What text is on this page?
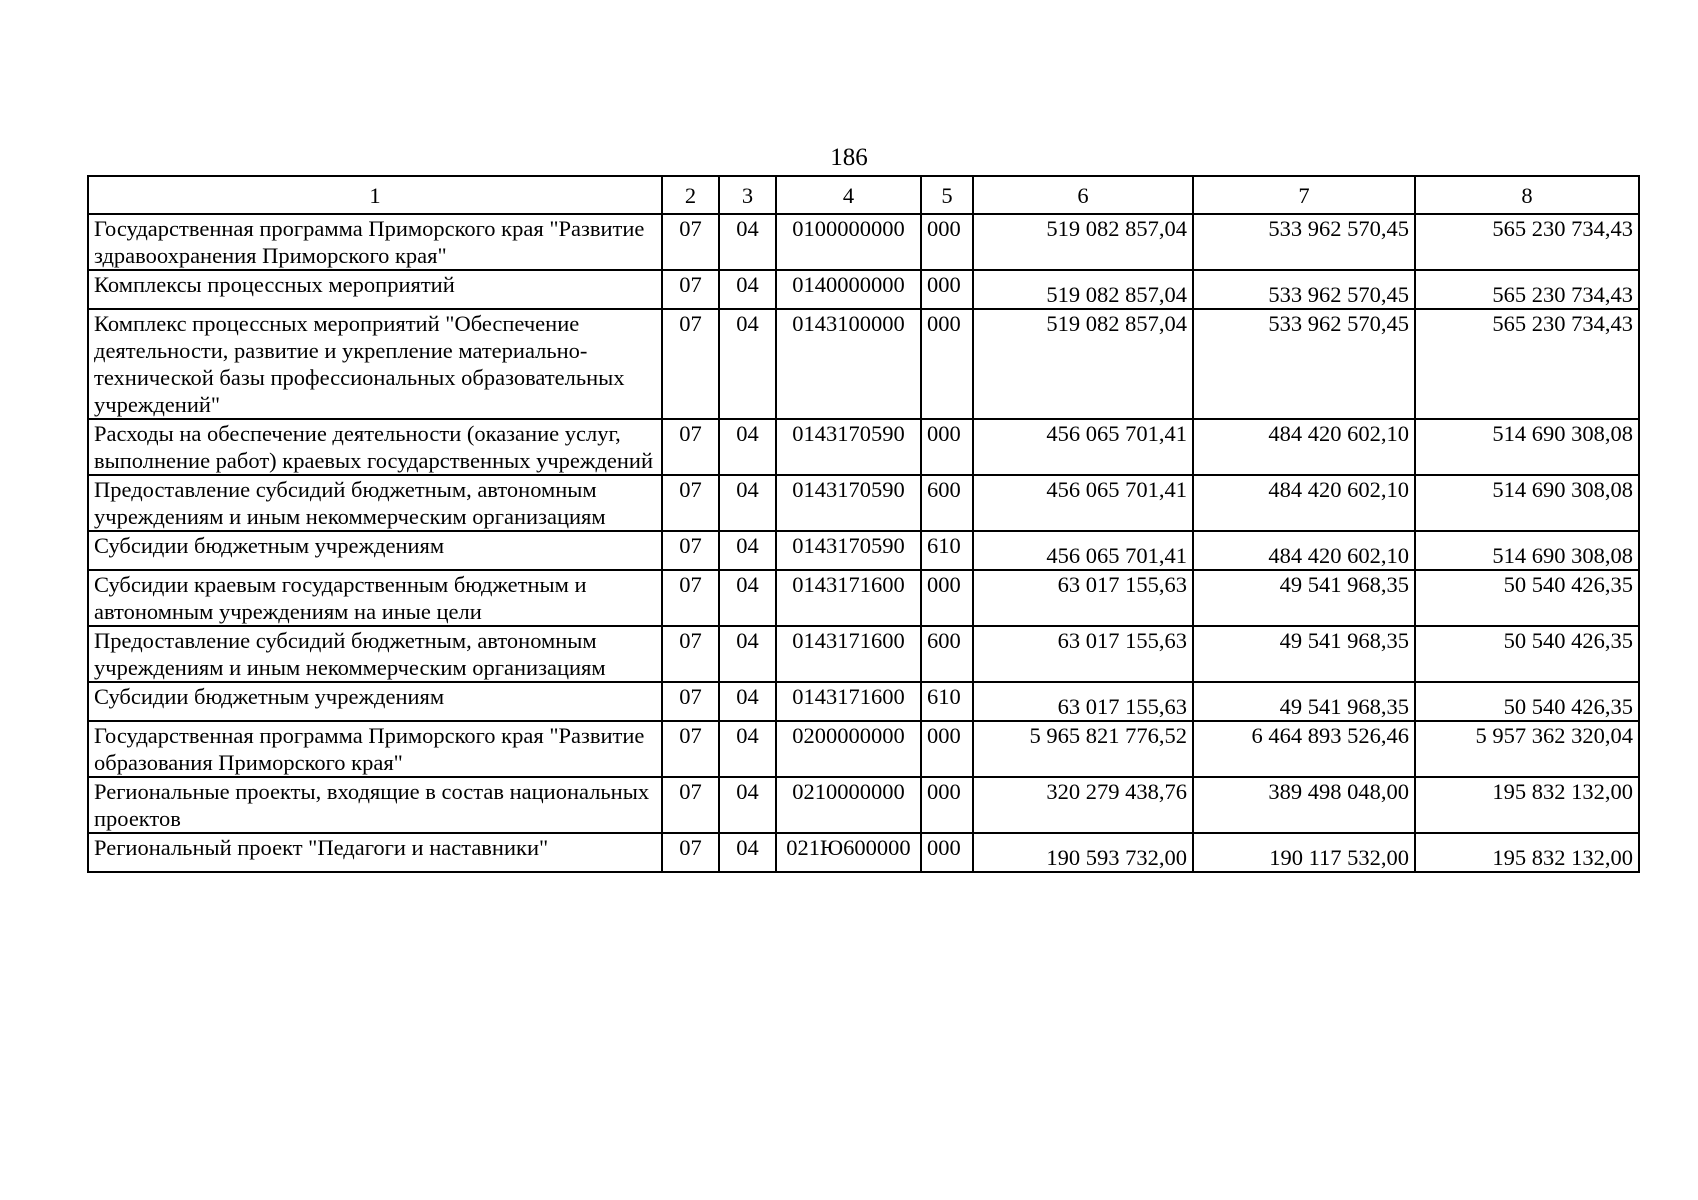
186
1	2	3	4	5	6	7	8
Государственная программа Приморского края "Развитие здравоохранения Приморского края"	07	04	0100000000	000	519 082 857,04	533 962 570,45	565 230 734,43
Комплексы процессных мероприятий	07	04	0140000000	000	519 082 857,04	533 962 570,45	565 230 734,43
Комплекс процессных мероприятий "Обеспечение деятельности, развитие и укрепление материально-технической базы профессиональных образовательных учреждений"	07	04	0143100000	000	519 082 857,04	533 962 570,45	565 230 734,43
Расходы на обеспечение деятельности (оказание услуг, выполнение работ) краевых государственных учреждений	07	04	0143170590	000	456 065 701,41	484 420 602,10	514 690 308,08
Предоставление субсидий бюджетным, автономным учреждениям и иным некоммерческим организациям	07	04	0143170590	600	456 065 701,41	484 420 602,10	514 690 308,08
Субсидии бюджетным учреждениям	07	04	0143170590	610	456 065 701,41	484 420 602,10	514 690 308,08
Субсидии краевым государственным бюджетным и автономным учреждениям на иные цели	07	04	0143171600	000	63 017 155,63	49 541 968,35	50 540 426,35
Предоставление субсидий бюджетным, автономным учреждениям и иным некоммерческим организациям	07	04	0143171600	600	63 017 155,63	49 541 968,35	50 540 426,35
Субсидии бюджетным учреждениям	07	04	0143171600	610	63 017 155,63	49 541 968,35	50 540 426,35
Государственная программа Приморского края "Развитие образования Приморского края"	07	04	0200000000	000	5 965 821 776,52	6 464 893 526,46	5 957 362 320,04
Региональные проекты, входящие в состав национальных проектов	07	04	0210000000	000	320 279 438,76	389 498 048,00	195 832 132,00
Региональный проект "Педагоги и наставники"	07	04	021Ю600000	000	190 593 732,00	190 117 532,00	195 832 132,00
